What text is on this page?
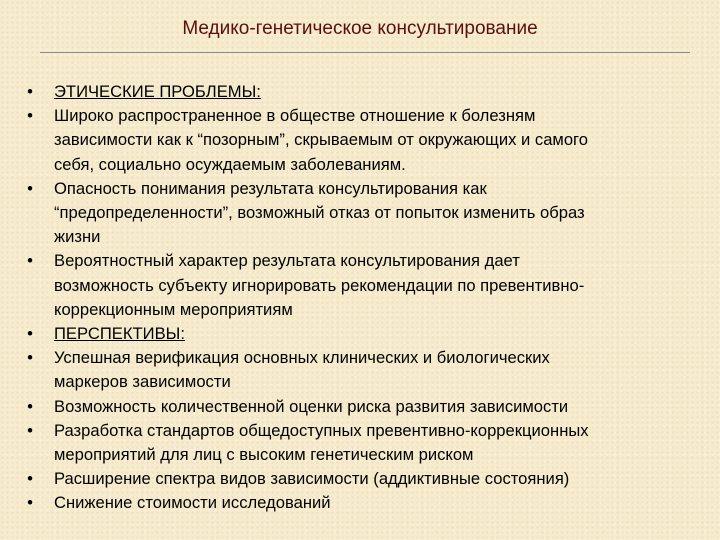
Медико-генетическое консультирование
• ЭТИЧЕСКИЕ ПРОБЛЕМЫ:
• Широко распространенное в обществе отношение к болезням
зависимости как к “позорным”, скрываемым от окружающих и самого
себя, социально осуждаемым заболеваниям.
• Опасность понимания результата консультирования как
“предопределенности”, возможный отказ от попыток изменить образ
жизни
• Вероятностный характер результата консультирования дает
возможность субъекту игнорировать рекомендации по превентивно-
коррекционным мероприятиям
• ПЕРСПЕКТИВЫ:
• Успешная верификация основных клинических и биологических
маркеров зависимости
• Возможность количественной оценки риска развития зависимости
• Разработка стандартов общедоступных превентивно-коррекционных
мероприятий для лиц с высоким генетическим риском
• Расширение спектра видов зависимости (аддиктивные состояния)
• Снижение стоимости исследований
